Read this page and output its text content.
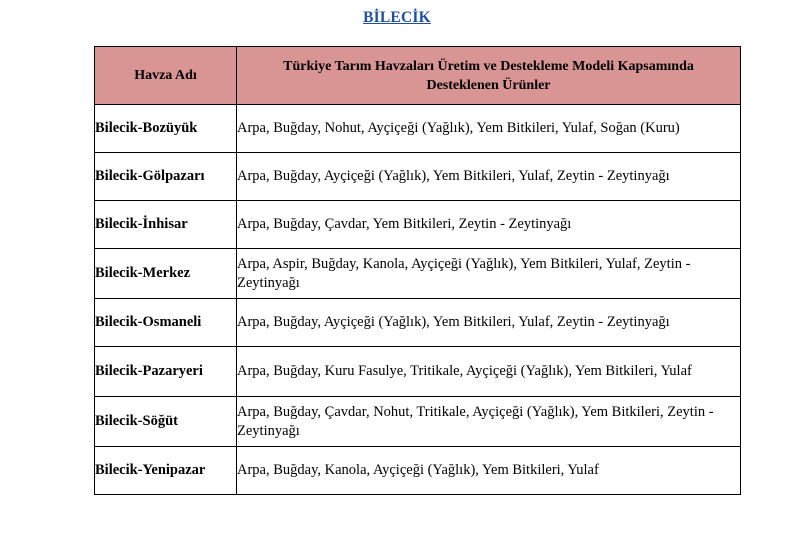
BİLECİK
Havza Adı	Türkiye Tarım Havzaları Üretim ve Destekleme Modeli Kapsamında Desteklenen Ürünler
Bilecik-Bozüyük	Arpa, Buğday, Nohut, Ayçiçeği (Yağlık), Yem Bitkileri, Yulaf, Soğan (Kuru)
Bilecik-Gölpazarı	Arpa, Buğday, Ayçiçeği (Yağlık), Yem Bitkileri, Yulaf, Zeytin - Zeytinyağı
Bilecik-İnhisar	Arpa, Buğday, Çavdar, Yem Bitkileri, Zeytin - Zeytinyağı
Bilecik-Merkez	Arpa, Aspir, Buğday, Kanola, Ayçiçeği (Yağlık), Yem Bitkileri, Yulaf, Zeytin - Zeytinyağı
Bilecik-Osmaneli	Arpa, Buğday, Ayçiçeği (Yağlık), Yem Bitkileri, Yulaf, Zeytin - Zeytinyağı
Bilecik-Pazaryeri	Arpa, Buğday, Kuru Fasulye, Tritikale, Ayçiçeği (Yağlık), Yem Bitkileri, Yulaf
Bilecik-Söğüt	Arpa, Buğday, Çavdar, Nohut, Tritikale, Ayçiçeği (Yağlık), Yem Bitkileri, Zeytin - Zeytinyağı
Bilecik-Yenipazar	Arpa, Buğday, Kanola, Ayçiçeği (Yağlık), Yem Bitkileri, Yulaf
